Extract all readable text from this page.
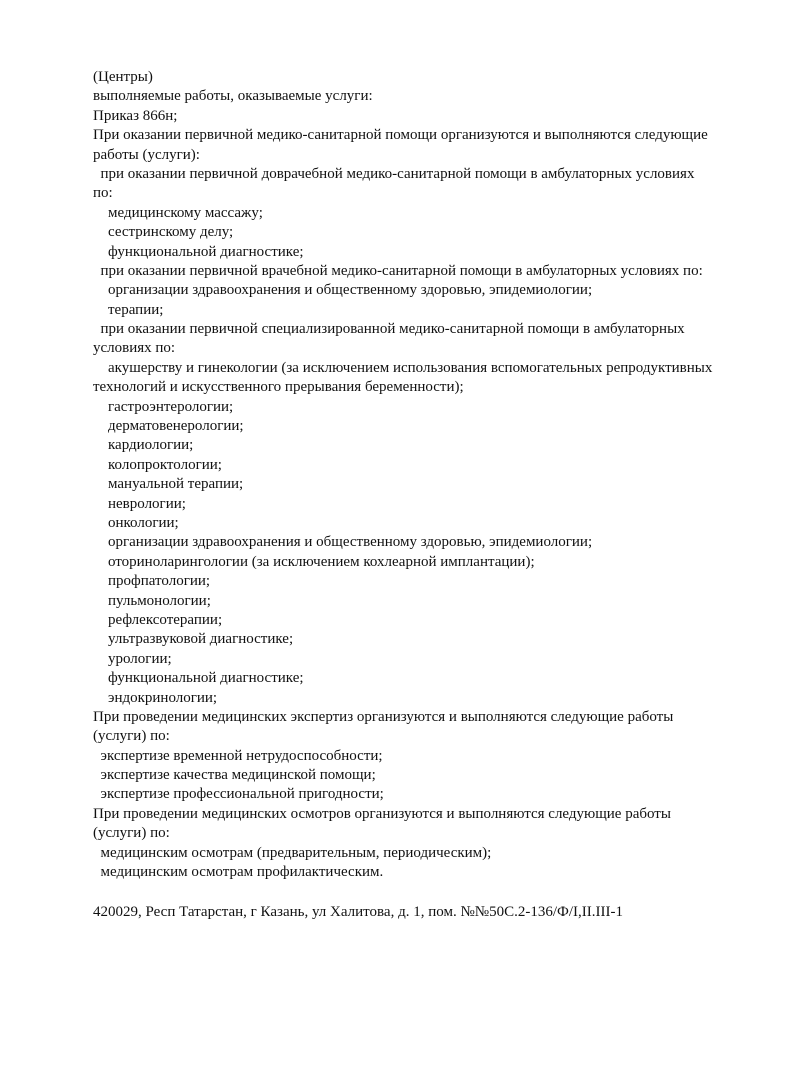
(Центры)
выполняемые работы, оказываемые услуги:
Приказ 866н;
При оказании первичной медико-санитарной помощи организуются и выполняются следующие
работы (услуги):
при оказании первичной доврачебной медико-санитарной помощи в амбулаторных условиях
по:
медицинскому массажу;
сестринскому делу;
функциональной диагностике;
при оказании первичной врачебной медико-санитарной помощи в амбулаторных условиях по:
организации здравоохранения и общественному здоровью, эпидемиологии;
терапии;
при оказании первичной специализированной медико-санитарной помощи в амбулаторных
условиях по:
акушерству и гинекологии (за исключением использования вспомогательных репродуктивных
технологий и искусственного прерывания беременности);
гастроэнтерологии;
дерматовенерологии;
кардиологии;
колопроктологии;
мануальной терапии;
неврологии;
онкологии;
организации здравоохранения и общественному здоровью, эпидемиологии;
оториноларингологии (за исключением кохлеарной имплантации);
профпатологии;
пульмонологии;
рефлексотерапии;
ультразвуковой диагностике;
урологии;
функциональной диагностике;
эндокринологии;
При проведении медицинских экспертиз организуются и выполняются следующие работы
(услуги) по:
экспертизе временной нетрудоспособности;
экспертизе качества медицинской помощи;
экспертизе профессиональной пригодности;
При проведении медицинских осмотров организуются и выполняются следующие работы
(услуги) по:
медицинским осмотрам (предварительным, периодическим);
медицинским осмотрам профилактическим.
420029, Респ Татарстан, г Казань, ул Халитова, д. 1, пом. №№50С.2-136/Ф/I,II.III-1
